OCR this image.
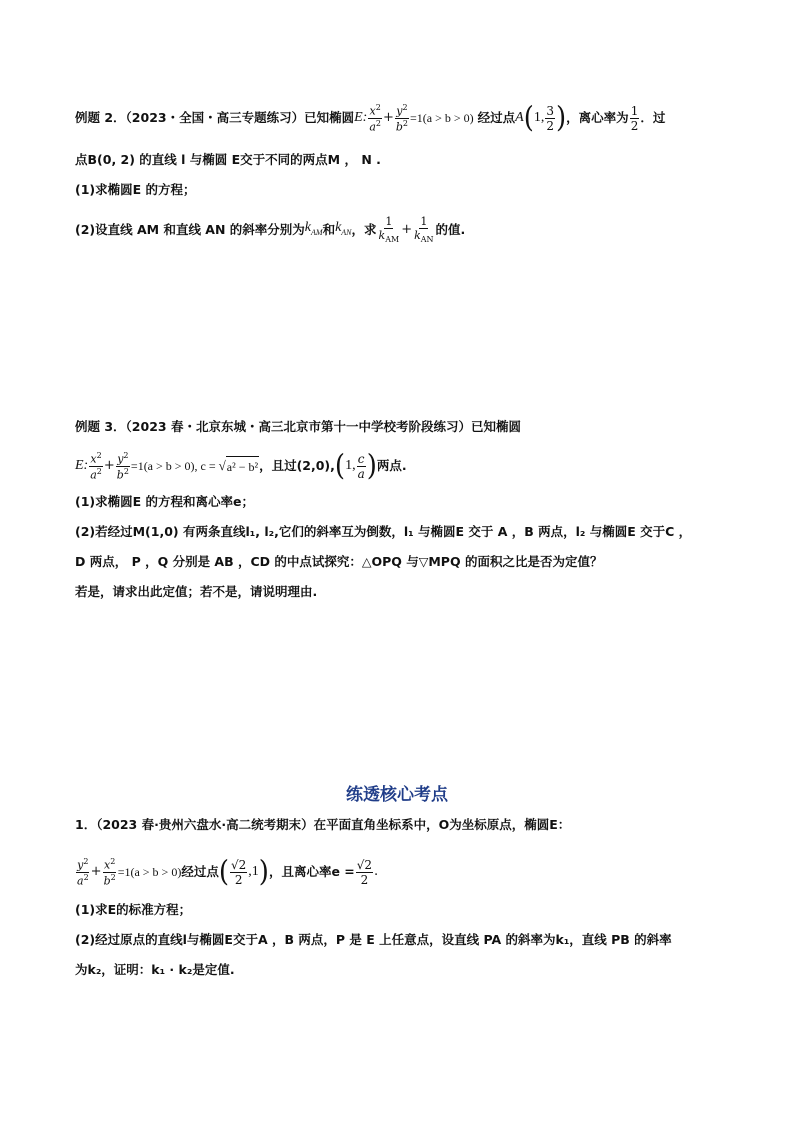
例题 2．（2023・全国・高三专题练习）已知椭圆 E: $\frac{x^2}{a^2} + \frac{y^2}{b^2} =1(a > b > 0)$ 经过点 A ( 1, $\frac{3}{2}$ ) ，离心率为 $\frac{1}{2}$ ．过
点B(0, 2) 的直线 l 与椭圆 E交于不同的两点M ， N .
(1)求椭圆E 的方程；
(2)设直线 AM 和直线 AN 的斜率分别为 $k_{AM}$ 和 $k_{AN}$ ，求 $\frac{1}{k_{AM}} + \frac{1}{k_{AN}}$ 的值.
例题 3．（2023 春・北京东城・高三北京市第十一中学校考阶段练习）已知椭圆
E: $\frac{x^2}{a^2} + \frac{y^2}{b^2} =1(a > b > 0)$, c = √ a² − b² ，且过(2,0), ( 1, $\frac{c}{a}$ ) 两点.
(1)求椭圆E 的方程和离心率e；
(2)若经过M(1,0) 有两条直线l₁, l₂,它们的斜率互为倒数，l₁ 与椭圆E 交于 A ，B 两点，l₂ 与椭圆E 交于C ，
D 两点， P ，Q 分别是 AB ，CD 的中点试探究：△OPQ 与▽MPQ 的面积之比是否为定值？
若是，请求出此定值；若不是，请说明理由.
练透核心考点
1．（2023 春·贵州六盘水·高二统考期末）在平面直角坐标系中，O为坐标原点，椭圆E：
$\frac{y^2}{a^2} + \frac{x^2}{b^2} =1(a > b > 0)$ 经过点 ( $\frac{√2}{2} ,1$ ) ，且离心率$e = \frac{√2}{2}$ .
(1)求E的标准方程；
(2)经过原点的直线l与椭圆E交于A ，B 两点，P 是 E 上任意点，设直线 PA 的斜率为k₁，直线 PB 的斜率
为k₂，证明：k₁ · k₂是定值.
